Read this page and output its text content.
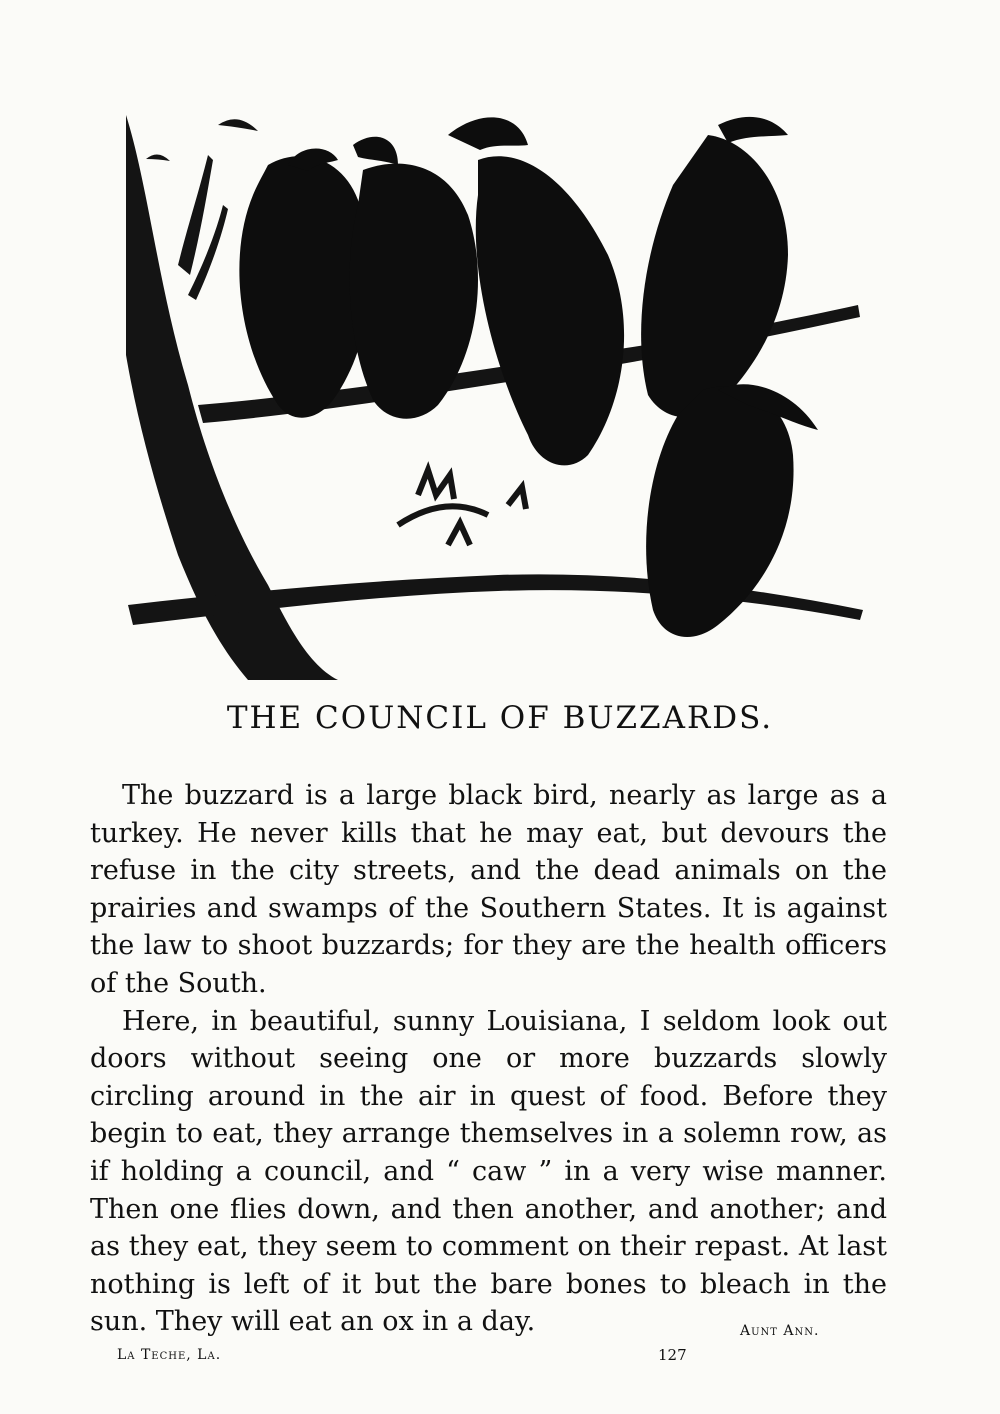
THE COUNCIL OF BUZZARDS.

The buzzard is a large black bird, nearly as large as a turkey. He never kills that he may eat, but devours the refuse in the city streets, and the dead animals on the prairies and swamps of the Southern States. It is against the law to shoot buzzards; for they are the health officers of the South.

Here, in beautiful, sunny Louisiana, I seldom look out doors without seeing one or more buzzards slowly circling around in the air in quest of food. Before they begin to eat, they arrange themselves in a solemn row, as if holding a council, and “ caw ” in a very wise manner. Then one flies down, and then another, and another; and as they eat, they seem to comment on their repast. At last nothing is left of it but the bare bones to bleach in the sun. They will eat an ox in a day.	Aunt Ann.
La Teche, La.	127
